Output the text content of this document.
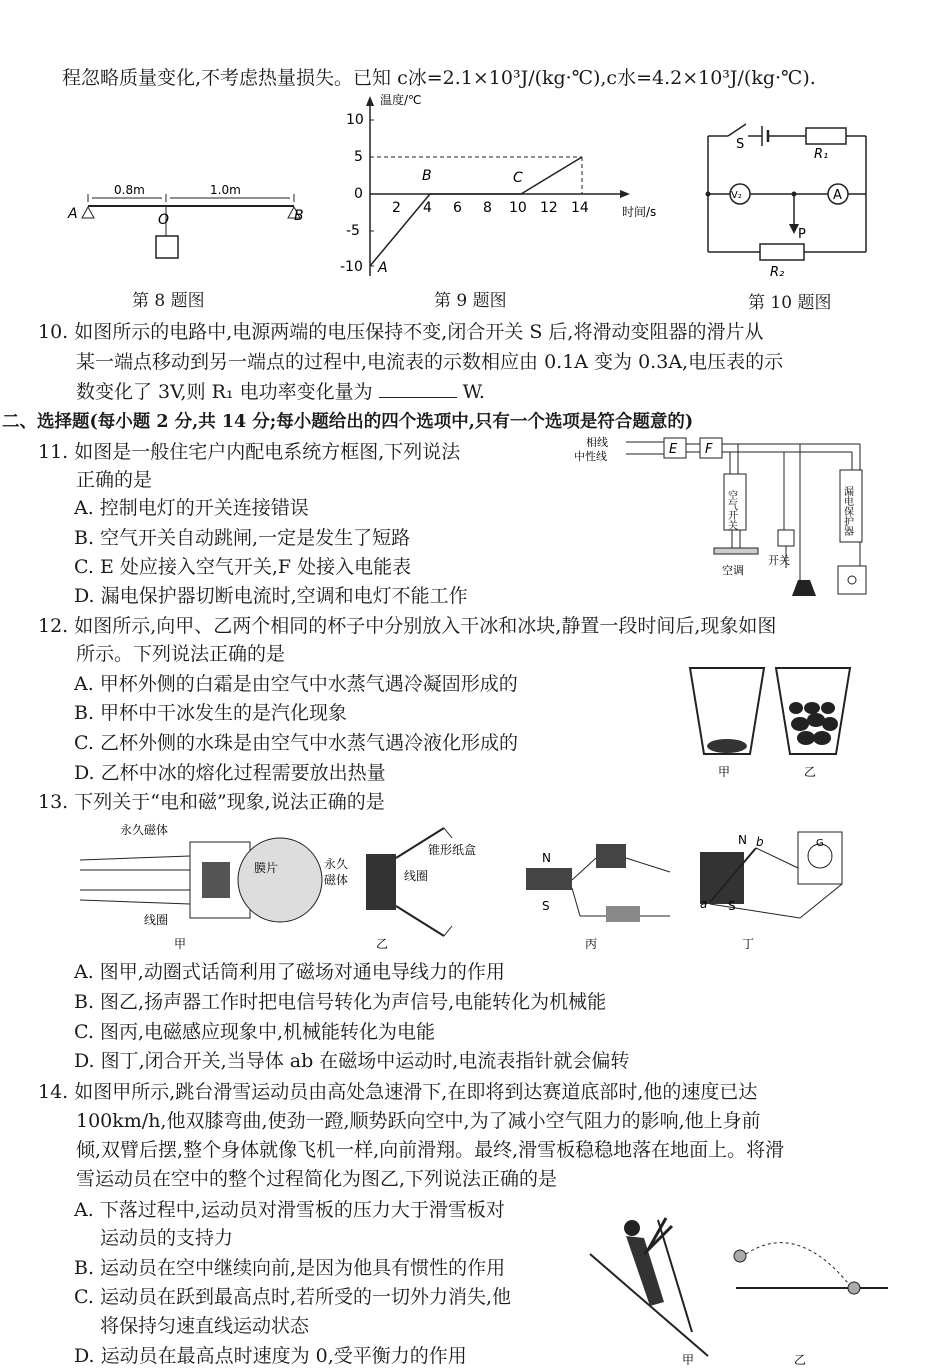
程忽略质量变化,不考虑热量损失。已知 c冰=2.1×10³J/(kg·℃),c水=4.2×10³J/(kg·℃).
0.8m	1.0m
A	B
O
第 8 题图
10
5
0
-5
-10
2 4 6 8 10 12 14
温度/℃
时间/s
A
B	C
第 9 题图
S
R₁
V₂	A
P
R₂
第 10 题图
10. 如图所示的电路中,电源两端的电压保持不变,闭合开关 S 后,将滑动变阻器的滑片从
某一端点移动到另一端点的过程中,电流表的示数相应由 0.1A 变为 0.3A,电压表的示
数变化了 3V,则 R₁ 电功率变化量为	W.
二、选择题(每小题 2 分,共 14 分;每小题给出的四个选项中,只有一个选项是符合题意的)
11. 如图是一般住宅户内配电系统方框图,下列说法
正确的是
A. 控制电灯的开关连接错误
B. 空气开关自动跳闸,一定是发生了短路
C. E 处应接入空气开关,F 处接入电能表
D. 漏电保护器切断电流时,空调和电灯不能工作
相线
中性线	E F
空气开关	漏电保护器
空调
开关
12. 如图所示,向甲、乙两个相同的杯子中分别放入干冰和冰块,静置一段时间后,现象如图
所示。下列说法正确的是
A. 甲杯外侧的白霜是由空气中水蒸气遇冷凝固形成的
B. 甲杯中干冰发生的是汽化现象
C. 乙杯外侧的水珠是由空气中水蒸气遇冷液化形成的
D. 乙杯中冰的熔化过程需要放出热量	甲	乙
13. 下列关于“电和磁”现象,说法正确的是
永久磁体
膜片
线圈
甲
永久
磁体
锥形纸盒
线圈
乙
N
S
丙
N b
a S
G
丁
A. 图甲,动圈式话筒利用了磁场对通电导线力的作用
B. 图乙,扬声器工作时把电信号转化为声信号,电能转化为机械能
C. 图丙,电磁感应现象中,机械能转化为电能
D. 图丁,闭合开关,当导体 ab 在磁场中运动时,电流表指针就会偏转
14. 如图甲所示,跳台滑雪运动员由高处急速滑下,在即将到达赛道底部时,他的速度已达
100km/h,他双膝弯曲,使劲一蹬,顺势跃向空中,为了减小空气阻力的影响,他上身前
倾,双臂后摆,整个身体就像飞机一样,向前滑翔。最终,滑雪板稳稳地落在地面上。将滑
雪运动员在空中的整个过程简化为图乙,下列说法正确的是
A. 下落过程中,运动员对滑雪板的压力大于滑雪板对
运动员的支持力
B. 运动员在空中继续向前,是因为他具有惯性的作用
C. 运动员在跃到最高点时,若所受的一切外力消失,他
将保持匀速直线运动状态
D. 运动员在最高点时速度为 0,受平衡力的作用	甲	乙
